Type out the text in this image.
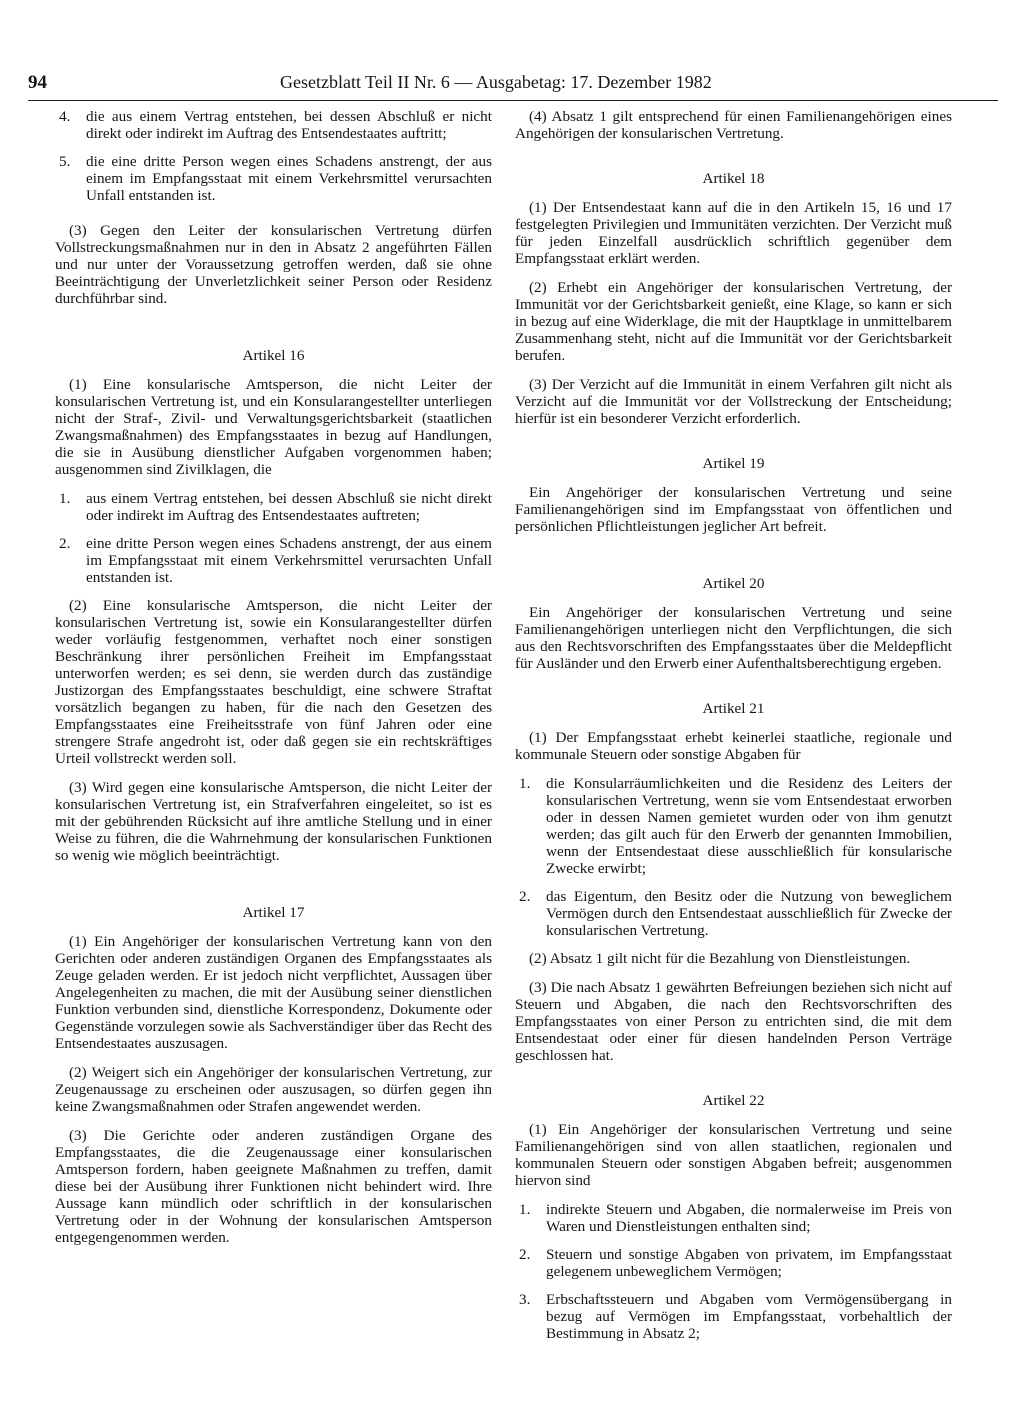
94	Gesetzblatt Teil II Nr. 6 — Ausgabetag: 17. Dezember 1982
4. die aus einem Vertrag entstehen, bei dessen Abschluß er nicht direkt oder indirekt im Auftrag des Entsendestaates auftritt;
5. die eine dritte Person wegen eines Schadens anstrengt, der aus einem im Empfangsstaat mit einem Verkehrsmittel verursachten Unfall entstanden ist.

(3) Gegen den Leiter der konsularischen Vertretung dürfen Vollstreckungsmaßnahmen nur in den in Absatz 2 angeführten Fällen und nur unter der Voraussetzung getroffen werden, daß sie ohne Beeinträchtigung der Unverletzlichkeit seiner Person oder Residenz durchführbar sind.

Artikel 16

(1) Eine konsularische Amtsperson, die nicht Leiter der konsularischen Vertretung ist, und ein Konsularangestellter unterliegen nicht der Straf-, Zivil- und Verwaltungsgerichtsbarkeit (staatlichen Zwangsmaßnahmen) des Empfangsstaates in bezug auf Handlungen, die sie in Ausübung dienstlicher Aufgaben vorgenommen haben; ausgenommen sind Zivilklagen, die

1. aus einem Vertrag entstehen, bei dessen Abschluß sie nicht direkt oder indirekt im Auftrag des Entsendestaates auftreten;
2. eine dritte Person wegen eines Schadens anstrengt, der aus einem im Empfangsstaat mit einem Verkehrsmittel verursachten Unfall entstanden ist.

(2) Eine konsularische Amtsperson, die nicht Leiter der konsularischen Vertretung ist, sowie ein Konsularangestellter dürfen weder vorläufig festgenommen, verhaftet noch einer sonstigen Beschränkung ihrer persönlichen Freiheit im Empfangsstaat unterworfen werden; es sei denn, sie werden durch das zuständige Justizorgan des Empfangsstaates beschuldigt, eine schwere Straftat vorsätzlich begangen zu haben, für die nach den Gesetzen des Empfangsstaates eine Freiheitsstrafe von fünf Jahren oder eine strengere Strafe angedroht ist, oder daß gegen sie ein rechtskräftiges Urteil vollstreckt werden soll.

(3) Wird gegen eine konsularische Amtsperson, die nicht Leiter der konsularischen Vertretung ist, ein Strafverfahren eingeleitet, so ist es mit der gebührenden Rücksicht auf ihre amtliche Stellung und in einer Weise zu führen, die die Wahrnehmung der konsularischen Funktionen so wenig wie möglich beeinträchtigt.

Artikel 17

(1) Ein Angehöriger der konsularischen Vertretung kann von den Gerichten oder anderen zuständigen Organen des Empfangsstaates als Zeuge geladen werden. Er ist jedoch nicht verpflichtet, Aussagen über Angelegenheiten zu machen, die mit der Ausübung seiner dienstlichen Funktion verbunden sind, dienstliche Korrespondenz, Dokumente oder Gegenstände vorzulegen sowie als Sachverständiger über das Recht des Entsendestaates auszusagen.

(2) Weigert sich ein Angehöriger der konsularischen Vertretung, zur Zeugenaussage zu erscheinen oder auszusagen, so dürfen gegen ihn keine Zwangsmaßnahmen oder Strafen angewendet werden.

(3) Die Gerichte oder anderen zuständigen Organe des Empfangsstaates, die die Zeugenaussage einer konsularischen Amtsperson fordern, haben geeignete Maßnahmen zu treffen, damit diese bei der Ausübung ihrer Funktionen nicht behindert wird. Ihre Aussage kann mündlich oder schriftlich in der konsularischen Vertretung oder in der Wohnung der konsularischen Amtsperson entgegengenommen werden.

(4) Absatz 1 gilt entsprechend für einen Familienangehörigen eines Angehörigen der konsularischen Vertretung.

Artikel 18

(1) Der Entsendestaat kann auf die in den Artikeln 15, 16 und 17 festgelegten Privilegien und Immunitäten verzichten. Der Verzicht muß für jeden Einzelfall ausdrücklich schriftlich gegenüber dem Empfangsstaat erklärt werden.

(2) Erhebt ein Angehöriger der konsularischen Vertretung, der Immunität vor der Gerichtsbarkeit genießt, eine Klage, so kann er sich in bezug auf eine Widerklage, die mit der Hauptklage in unmittelbarem Zusammenhang steht, nicht auf die Immunität vor der Gerichtsbarkeit berufen.

(3) Der Verzicht auf die Immunität in einem Verfahren gilt nicht als Verzicht auf die Immunität vor der Vollstreckung der Entscheidung; hierfür ist ein besonderer Verzicht erforderlich.

Artikel 19

Ein Angehöriger der konsularischen Vertretung und seine Familienangehörigen sind im Empfangsstaat von öffentlichen und persönlichen Pflichtleistungen jeglicher Art befreit.

Artikel 20

Ein Angehöriger der konsularischen Vertretung und seine Familienangehörigen unterliegen nicht den Verpflichtungen, die sich aus den Rechtsvorschriften des Empfangsstaates über die Meldepflicht für Ausländer und den Erwerb einer Aufenthaltsberechtigung ergeben.

Artikel 21

(1) Der Empfangsstaat erhebt keinerlei staatliche, regionale und kommunale Steuern oder sonstige Abgaben für

1. die Konsularräumlichkeiten und die Residenz des Leiters der konsularischen Vertretung, wenn sie vom Entsendestaat erworben oder in dessen Namen gemietet wurden oder von ihm genutzt werden; das gilt auch für den Erwerb der genannten Immobilien, wenn der Entsendestaat diese ausschließlich für konsularische Zwecke erwirbt;
2. das Eigentum, den Besitz oder die Nutzung von beweglichem Vermögen durch den Entsendestaat ausschließlich für Zwecke der konsularischen Vertretung.

(2) Absatz 1 gilt nicht für die Bezahlung von Dienstleistungen.

(3) Die nach Absatz 1 gewährten Befreiungen beziehen sich nicht auf Steuern und Abgaben, die nach den Rechtsvorschriften des Empfangsstaates von einer Person zu entrichten sind, die mit dem Entsendestaat oder einer für diesen handelnden Person Verträge geschlossen hat.

Artikel 22

(1) Ein Angehöriger der konsularischen Vertretung und seine Familienangehörigen sind von allen staatlichen, regionalen und kommunalen Steuern oder sonstigen Abgaben befreit; ausgenommen hiervon sind

1. indirekte Steuern und Abgaben, die normalerweise im Preis von Waren und Dienstleistungen enthalten sind;
2. Steuern und sonstige Abgaben von privatem, im Empfangsstaat gelegenem unbeweglichem Vermögen;
3. Erbschaftssteuern und Abgaben vom Vermögensübergang in bezug auf Vermögen im Empfangsstaat, vorbehaltlich der Bestimmung in Absatz 2;
